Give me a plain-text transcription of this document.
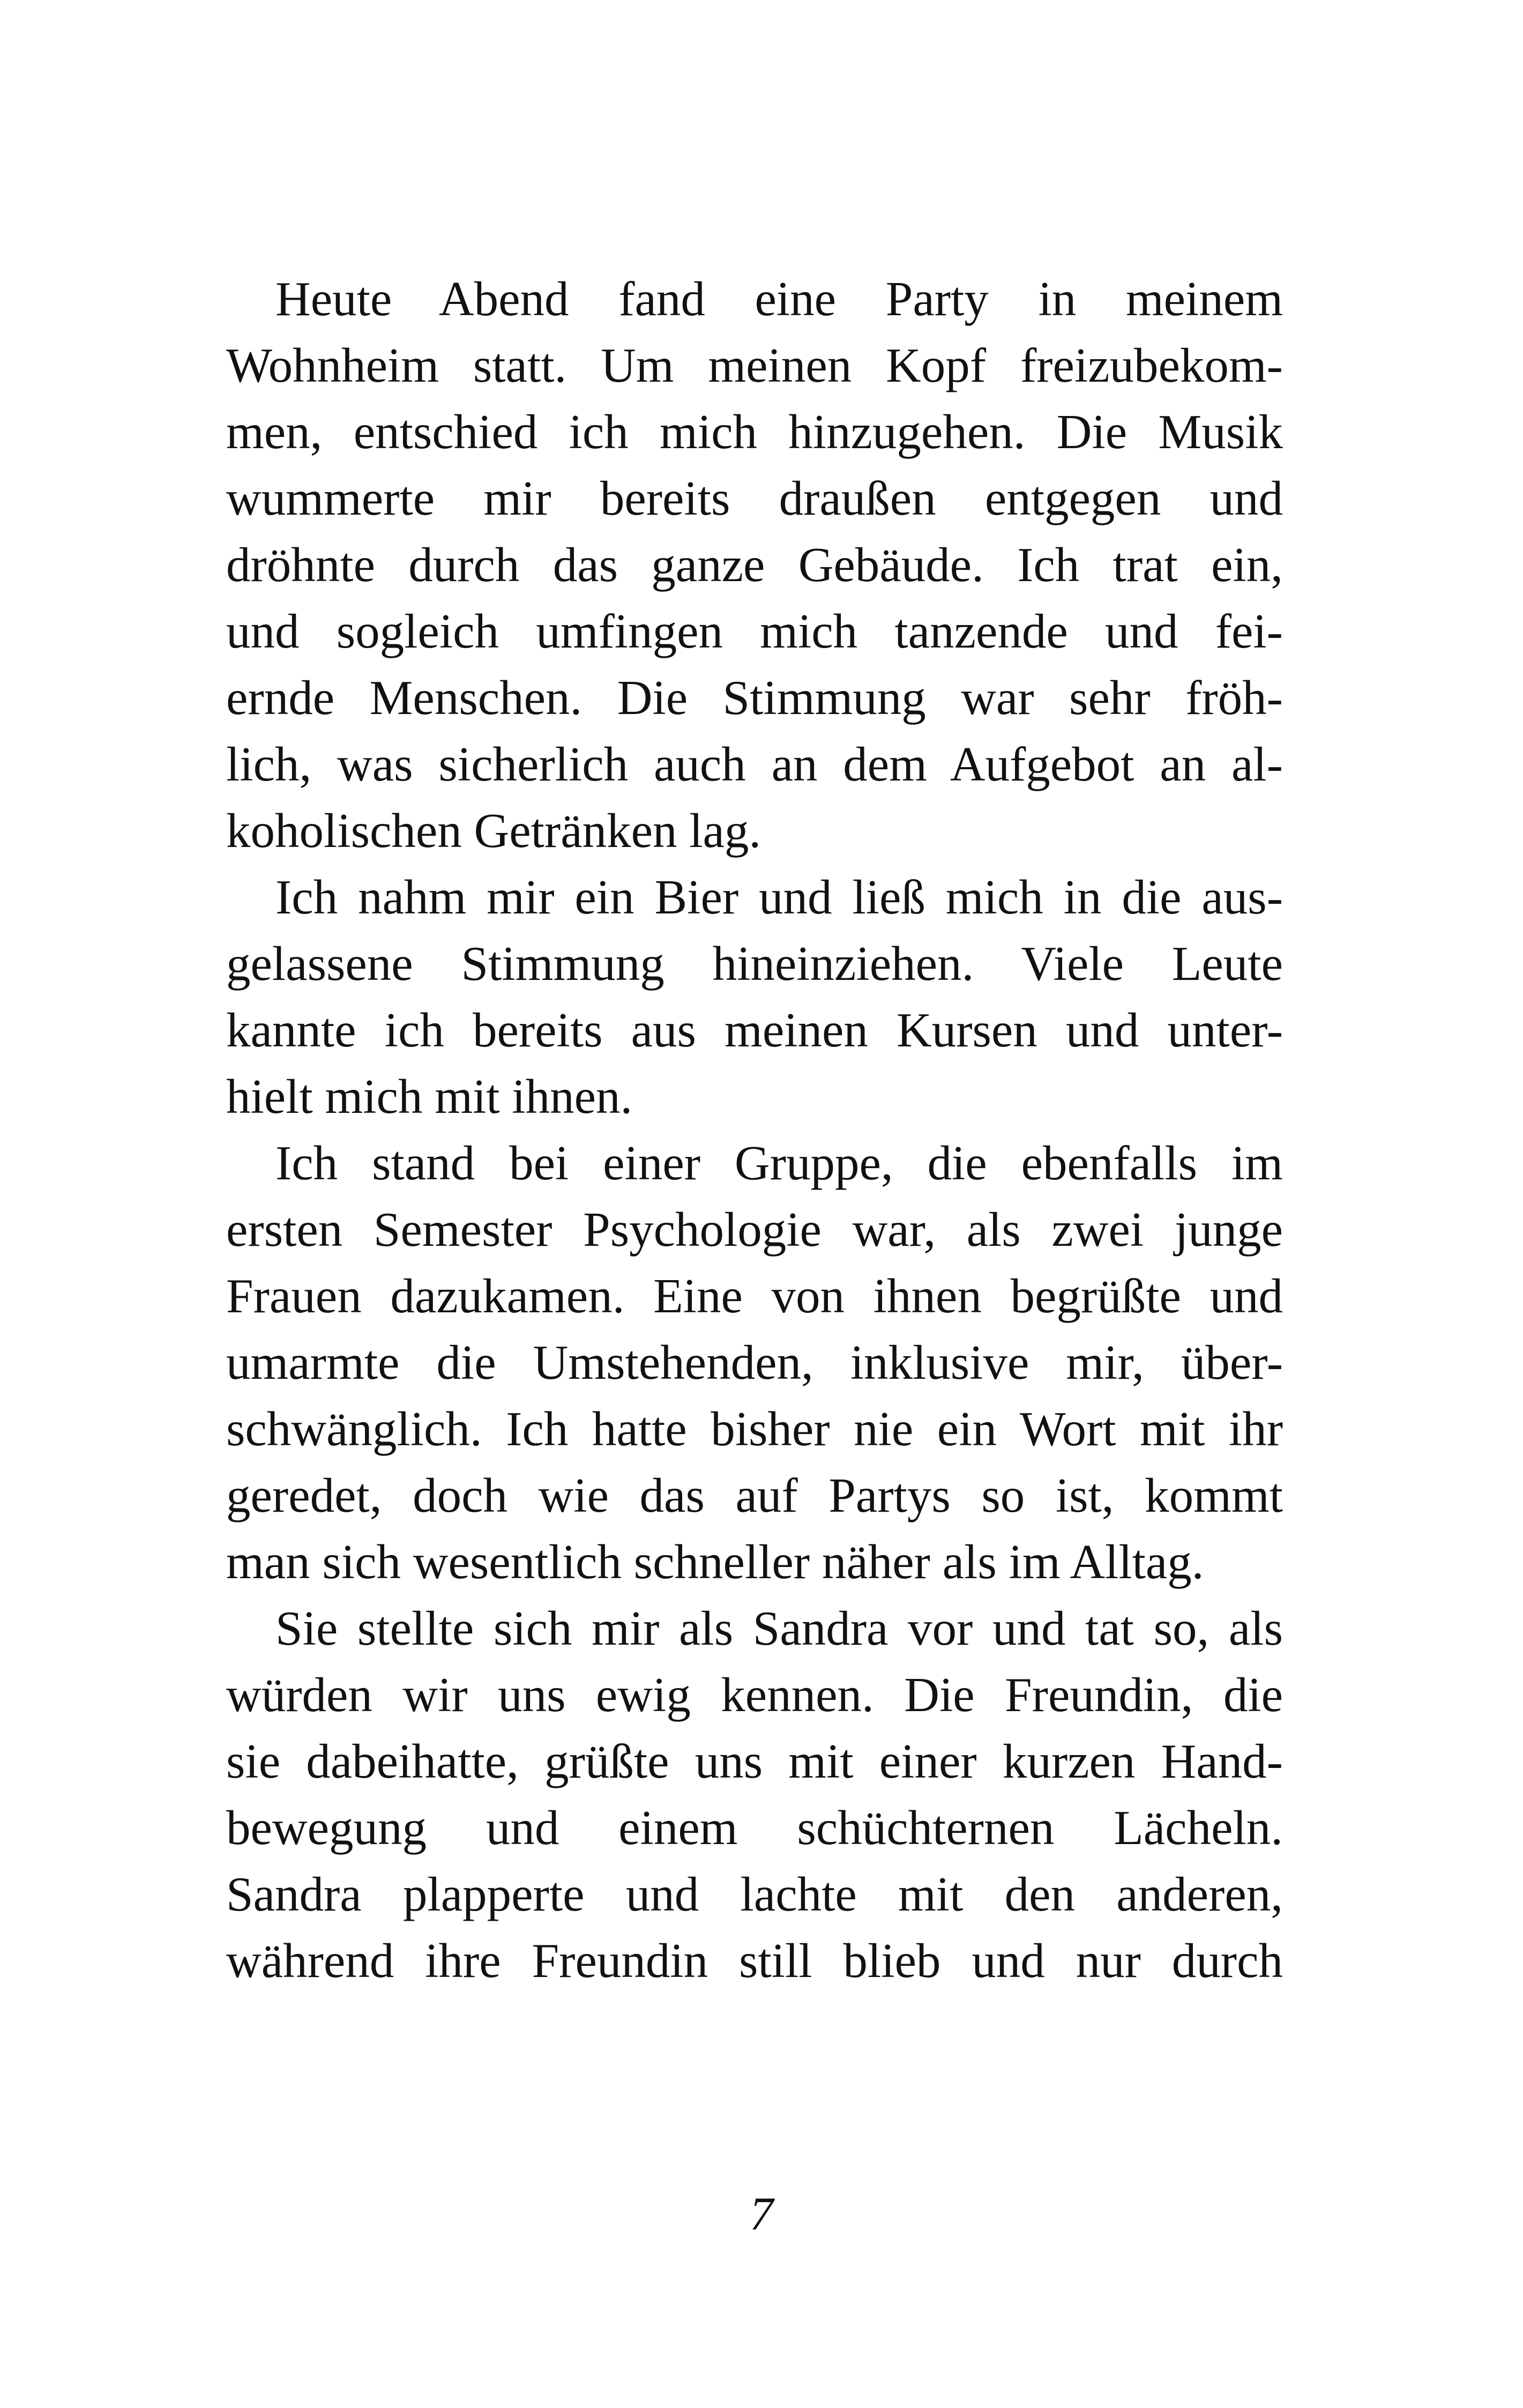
Heute Abend fand eine Party in meinem
Wohnheim statt. Um meinen Kopf freizubekom-
men, entschied ich mich hinzugehen. Die Musik
wummerte mir bereits draußen entgegen und
dröhnte durch das ganze Gebäude. Ich trat ein,
und sogleich umfingen mich tanzende und fei-
ernde Menschen. Die Stimmung war sehr fröh-
lich, was sicherlich auch an dem Aufgebot an al-
koholischen Getränken lag.
Ich nahm mir ein Bier und ließ mich in die aus-
gelassene Stimmung hineinziehen. Viele Leute
kannte ich bereits aus meinen Kursen und unter-
hielt mich mit ihnen.
Ich stand bei einer Gruppe, die ebenfalls im
ersten Semester Psychologie war, als zwei junge
Frauen dazukamen. Eine von ihnen begrüßte und
umarmte die Umstehenden, inklusive mir, über-
schwänglich. Ich hatte bisher nie ein Wort mit ihr
geredet, doch wie das auf Partys so ist, kommt
man sich wesentlich schneller näher als im Alltag.
Sie stellte sich mir als Sandra vor und tat so, als
würden wir uns ewig kennen. Die Freundin, die
sie dabeihatte, grüßte uns mit einer kurzen Hand-
bewegung und einem schüchternen Lächeln.
Sandra plapperte und lachte mit den anderen,
während ihre Freundin still blieb und nur durch
7
